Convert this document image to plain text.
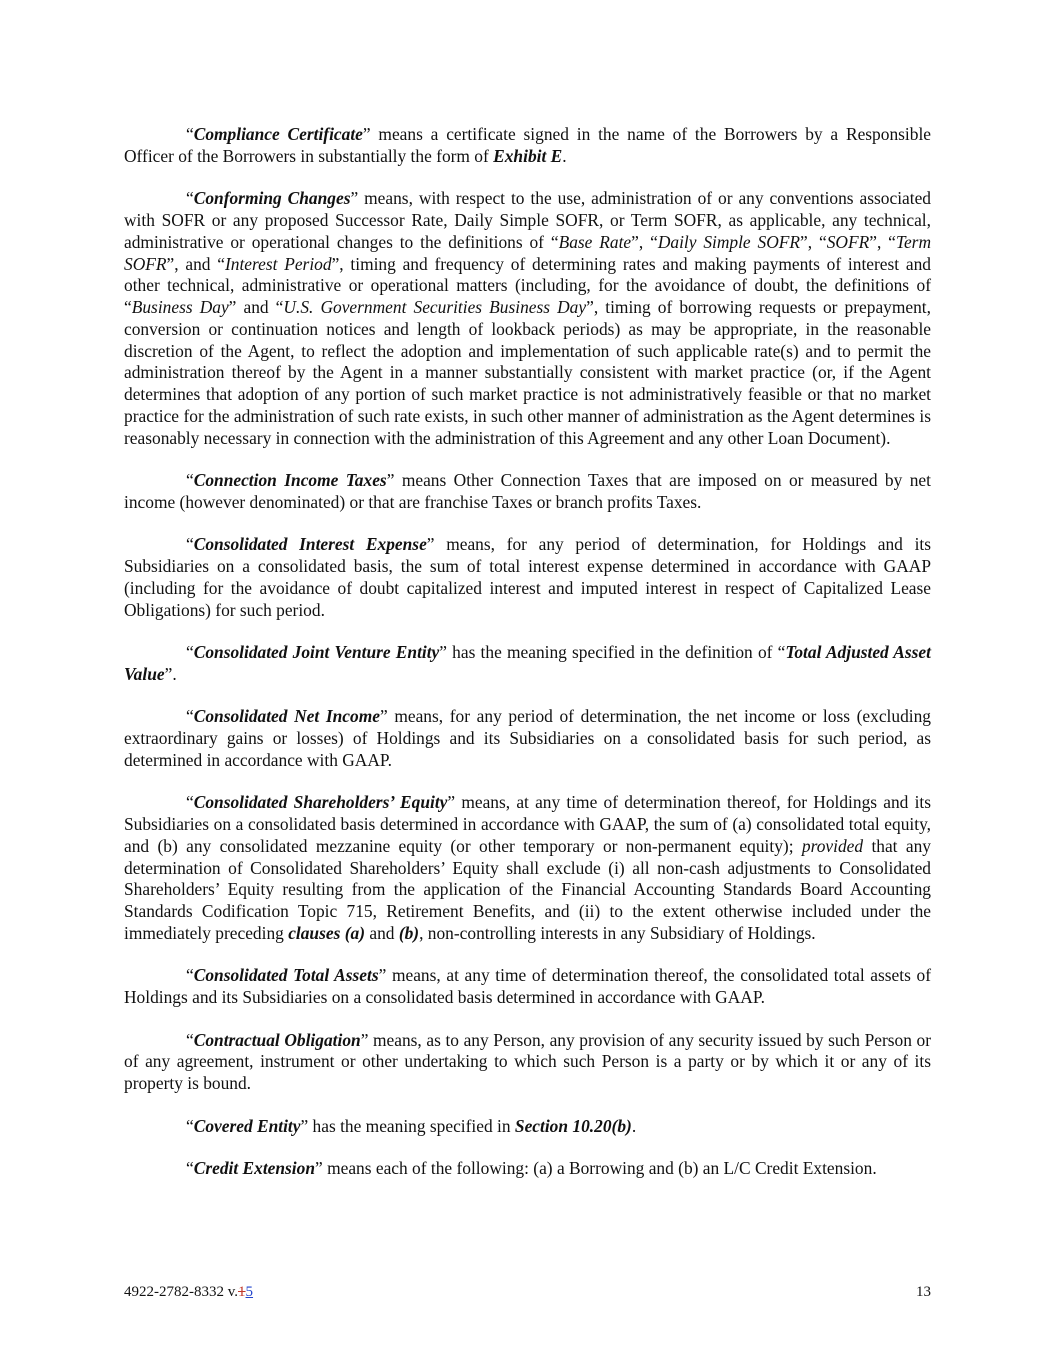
“Compliance Certificate” means a certificate signed in the name of the Borrowers by a Responsible Officer of the Borrowers in substantially the form of Exhibit E.

“Conforming Changes” means, with respect to the use, administration of or any conventions associated with SOFR or any proposed Successor Rate, Daily Simple SOFR, or Term SOFR, as applicable, any technical, administrative or operational changes to the definitions of “Base Rate”, “Daily Simple SOFR”, “SOFR”, “Term SOFR”, and “Interest Period”, timing and frequency of determining rates and making payments of interest and other technical, administrative or operational matters (including, for the avoidance of doubt, the definitions of “Business Day” and “U.S. Government Securities Business Day”, timing of borrowing requests or prepayment, conversion or continuation notices and length of lookback periods) as may be appropriate, in the reasonable discretion of the Agent, to reflect the adoption and implementation of such applicable rate(s) and to permit the administration thereof by the Agent in a manner substantially consistent with market practice (or, if the Agent determines that adoption of any portion of such market practice is not administratively feasible or that no market practice for the administration of such rate exists, in such other manner of administration as the Agent determines is reasonably necessary in connection with the administration of this Agreement and any other Loan Document).

“Connection Income Taxes” means Other Connection Taxes that are imposed on or measured by net income (however denominated) or that are franchise Taxes or branch profits Taxes.

“Consolidated Interest Expense” means, for any period of determination, for Holdings and its Subsidiaries on a consolidated basis, the sum of total interest expense determined in accordance with GAAP (including for the avoidance of doubt capitalized interest and imputed interest in respect of Capitalized Lease Obligations) for such period.

“Consolidated Joint Venture Entity” has the meaning specified in the definition of “Total Adjusted Asset Value”.

“Consolidated Net Income” means, for any period of determination, the net income or loss (excluding extraordinary gains or losses) of Holdings and its Subsidiaries on a consolidated basis for such period, as determined in accordance with GAAP.

“Consolidated Shareholders’ Equity” means, at any time of determination thereof, for Holdings and its Subsidiaries on a consolidated basis determined in accordance with GAAP, the sum of (a) consolidated total equity, and (b) any consolidated mezzanine equity (or other temporary or non-permanent equity); provided that any determination of Consolidated Shareholders’ Equity shall exclude (i) all non-cash adjustments to Consolidated Shareholders’ Equity resulting from the application of the Financial Accounting Standards Board Accounting Standards Codification Topic 715, Retirement Benefits, and (ii) to the extent otherwise included under the immediately preceding clauses (a) and (b), non-controlling interests in any Subsidiary of Holdings.

“Consolidated Total Assets” means, at any time of determination thereof, the consolidated total assets of Holdings and its Subsidiaries on a consolidated basis determined in accordance with GAAP.

“Contractual Obligation” means, as to any Person, any provision of any security issued by such Person or of any agreement, instrument or other undertaking to which such Person is a party or by which it or any of its property is bound.

“Covered Entity” has the meaning specified in Section 10.20(b).

“Credit Extension” means each of the following: (a) a Borrowing and (b) an L/C Credit Extension.

4922-2782-8332 v.15	13
